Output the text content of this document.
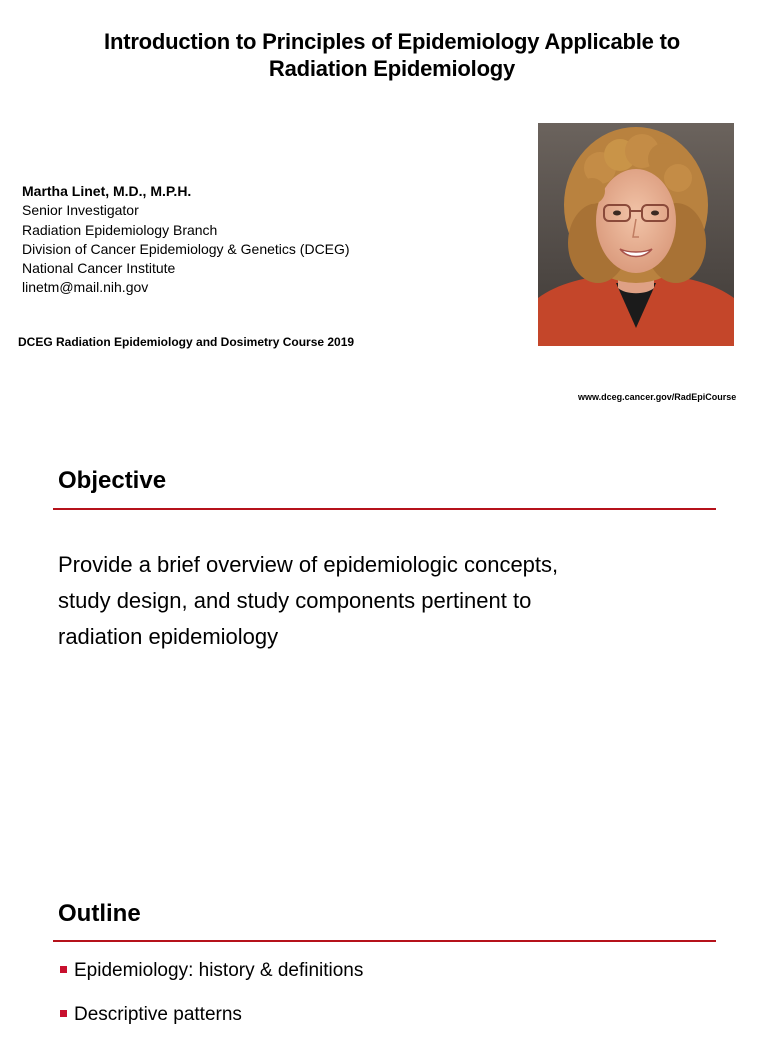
Introduction to Principles of Epidemiology Applicable to
Radiation Epidemiology
Martha Linet, M.D., M.P.H.
Senior Investigator
Radiation Epidemiology Branch
Division of Cancer Epidemiology & Genetics (DCEG)
National Cancer Institute
linetm@mail.nih.gov
DCEG Radiation Epidemiology and Dosimetry Course 2019
www.dceg.cancer.gov/RadEpiCourse
Objective
Provide a brief overview of epidemiologic concepts,
study design, and study components pertinent to
radiation epidemiology
Outline
Epidemiology: history & definitions
Descriptive patterns
